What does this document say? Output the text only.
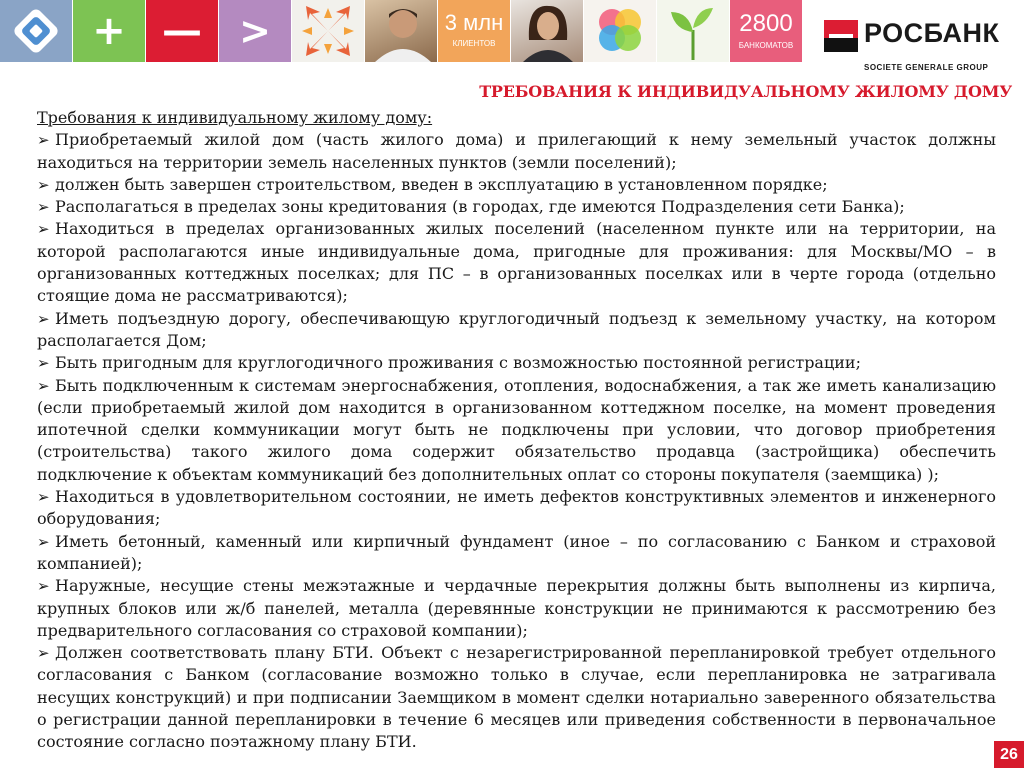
+ — >	3 млн
КЛИЕНТОВ
2800
БАНКОМАТОВ	РОСБАНК
SOCIETE GENERALE GROUP
ТРЕБОВАНИЯ К ИНДИВИДУАЛЬНОМУ ЖИЛОМУ ДОМУ
Требования к индивидуальному жилому дому:
➢ Приобретаемый жилой дом (часть жилого дома) и прилегающий к нему земельный участок должны находиться на территории земель населенных пунктов (земли поселений);
➢ должен быть завершен строительством, введен в эксплуатацию в установленном порядке;
➢ Располагаться в пределах зоны кредитования (в городах, где имеются Подразделения сети Банка);
➢ Находиться в пределах организованных жилых поселений (населенном пункте или на территории, на которой располагаются иные индивидуальные дома, пригодные для проживания: для Москвы/МО – в организованных коттеджных поселках; для ПС – в организованных поселках или в черте города (отдельно стоящие дома не рассматриваются);
➢ Иметь подъездную дорогу, обеспечивающую круглогодичный подъезд к земельному участку, на котором располагается Дом;
➢ Быть пригодным для круглогодичного проживания с возможностью постоянной регистрации;
➢ Быть подключенным к системам энергоснабжения, отопления, водоснабжения, а так же иметь канализацию (если приобретаемый жилой дом находится в организованном коттеджном поселке, на момент проведения ипотечной сделки коммуникации могут быть не подключены при условии, что договор приобретения (строительства) такого жилого дома содержит обязательство продавца (застройщика) обеспечить подключение к объектам коммуникаций без дополнительных оплат со стороны покупателя (заемщика) );
➢ Находиться в удовлетворительном состоянии, не иметь дефектов конструктивных элементов и инженерного оборудования;
➢ Иметь бетонный, каменный или кирпичный фундамент (иное – по согласованию с Банком и страховой компанией);
➢ Наружные, несущие стены межэтажные и чердачные перекрытия должны быть выполнены из кирпича, крупных блоков или ж/б панелей, металла (деревянные конструкции не принимаются к рассмотрению без предварительного согласования со страховой компании);
➢ Должен соответствовать плану БТИ. Объект с незарегистрированной перепланировкой требует отдельного согласования с Банком (согласование возможно только в случае, если перепланировка не затрагивала несущих конструкций) и при подписании Заемщиком в момент сделки нотариально заверенного обязательства о регистрации данной перепланировки в течение 6 месяцев или приведения собственности в первоначальное состояние согласно поэтажному плану БТИ.
26
